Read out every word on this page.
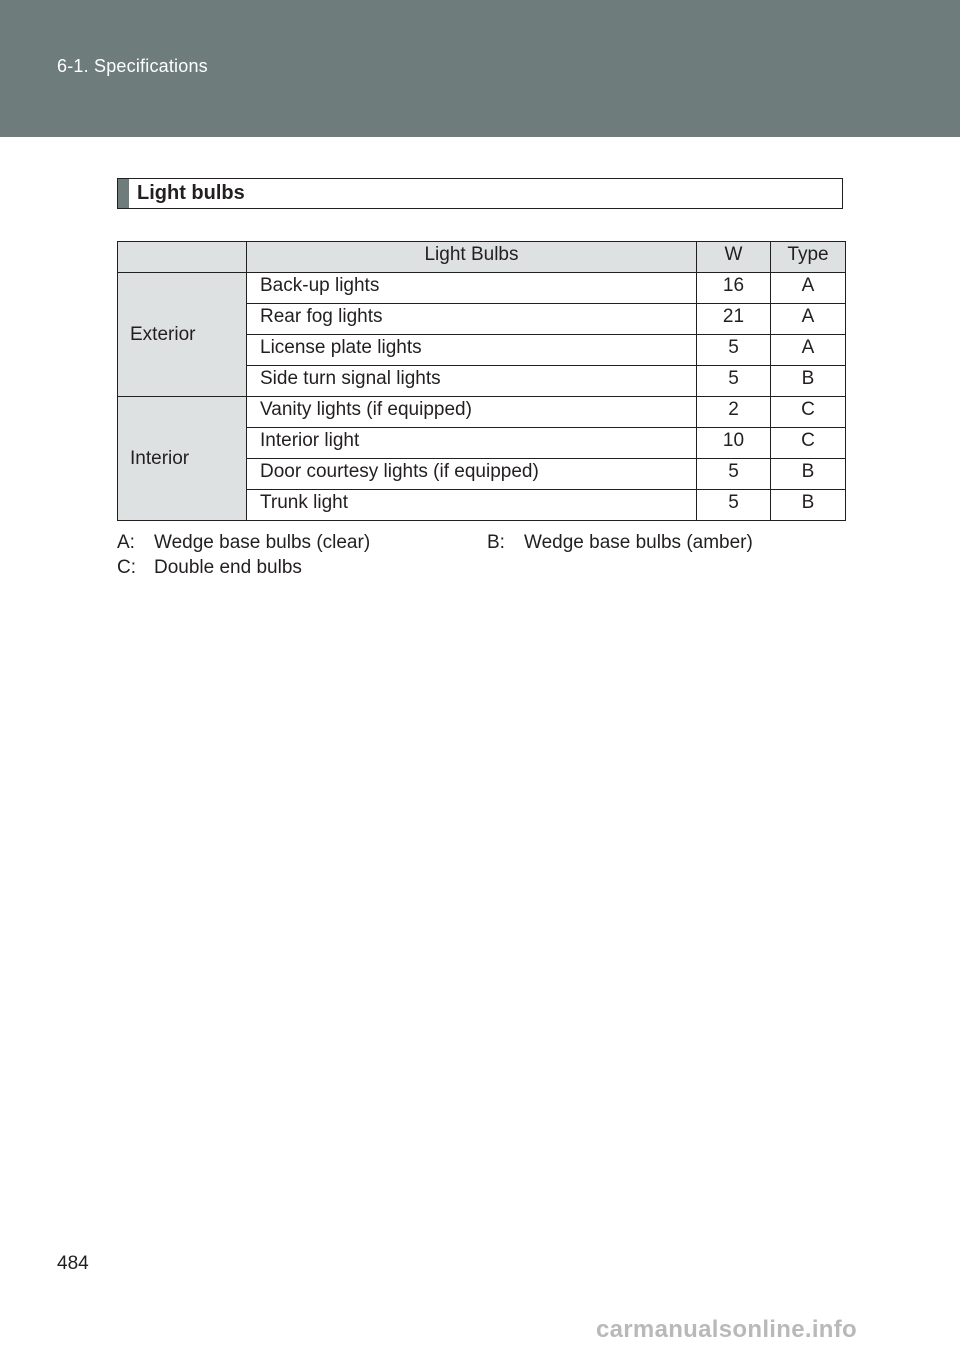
6-1. Specifications
Light bulbs
	Light Bulbs	W	Type
Exterior	Back-up lights	16	A
	Rear fog lights	21	A
	License plate lights	5	A
	Side turn signal lights	5	B
Interior	Vanity lights (if equipped)	2	C
	Interior light	10	C
	Door courtesy lights (if equipped)	5	B
	Trunk light	5	B
A: Wedge base bulbs (clear)	B: Wedge base bulbs (amber)
C: Double end bulbs
484
carmanualsonline.info
